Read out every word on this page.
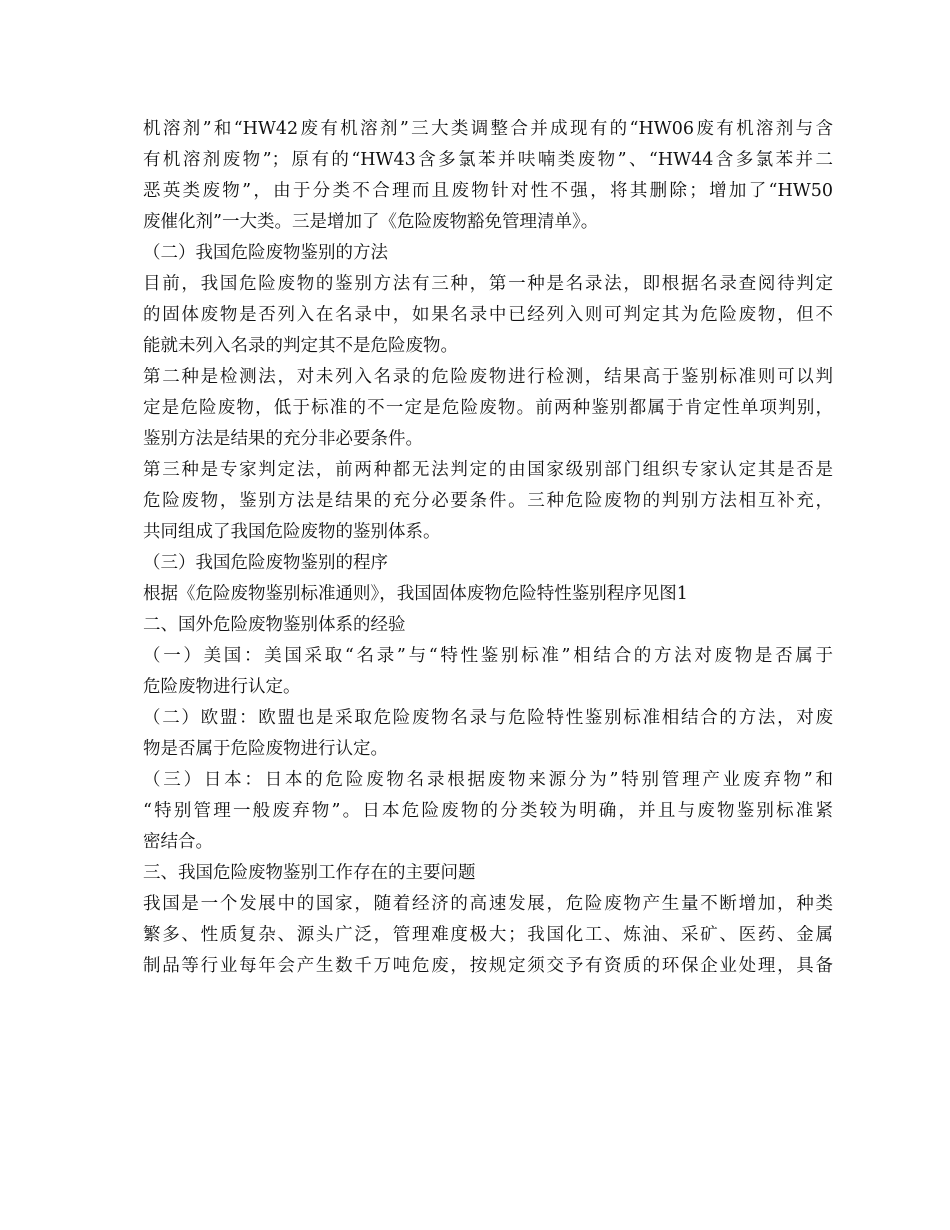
机溶剂”和“HW42废有机溶剂”三大类调整合并成现有的“HW06废有机溶剂与含
有机溶剂废物”；原有的“HW43含多氯苯并呋喃类废物”、“HW44含多氯苯并二
恶英类废物”，由于分类不合理而且废物针对性不强，将其删除；增加了“HW50
废催化剂”一大类。三是增加了《危险废物豁免管理清单》。
（二）我国危险废物鉴别的方法
目前，我国危险废物的鉴别方法有三种，第一种是名录法，即根据名录查阅待判定
的固体废物是否列入在名录中，如果名录中已经列入则可判定其为危险废物，但不
能就未列入名录的判定其不是危险废物。
第二种是检测法，对未列入名录的危险废物进行检测，结果高于鉴别标准则可以判
定是危险废物，低于标准的不一定是危险废物。前两种鉴别都属于肯定性单项判别，
鉴别方法是结果的充分非必要条件。
第三种是专家判定法，前两种都无法判定的由国家级别部门组织专家认定其是否是
危险废物，鉴别方法是结果的充分必要条件。三种危险废物的判别方法相互补充，
共同组成了我国危险废物的鉴别体系。
（三）我国危险废物鉴别的程序
根据《危险废物鉴别标准通则》，我国固体废物危险特性鉴别程序见图1
二、国外危险废物鉴别体系的经验
（一）美国：美国采取“名录”与“特性鉴别标准”相结合的方法对废物是否属于
危险废物进行认定。
（二）欧盟：欧盟也是采取危险废物名录与危险特性鉴别标准相结合的方法，对废
物是否属于危险废物进行认定。
（三）日本：日本的危险废物名录根据废物来源分为”特别管理产业废弃物”和
“特别管理一般废弃物”。日本危险废物的分类较为明确，并且与废物鉴别标准紧
密结合。
三、我国危险废物鉴别工作存在的主要问题
我国是一个发展中的国家，随着经济的高速发展，危险废物产生量不断增加，种类
繁多、性质复杂、源头广泛，管理难度极大；我国化工、炼油、采矿、医药、金属
制品等行业每年会产生数千万吨危废，按规定须交予有资质的环保企业处理，具备
